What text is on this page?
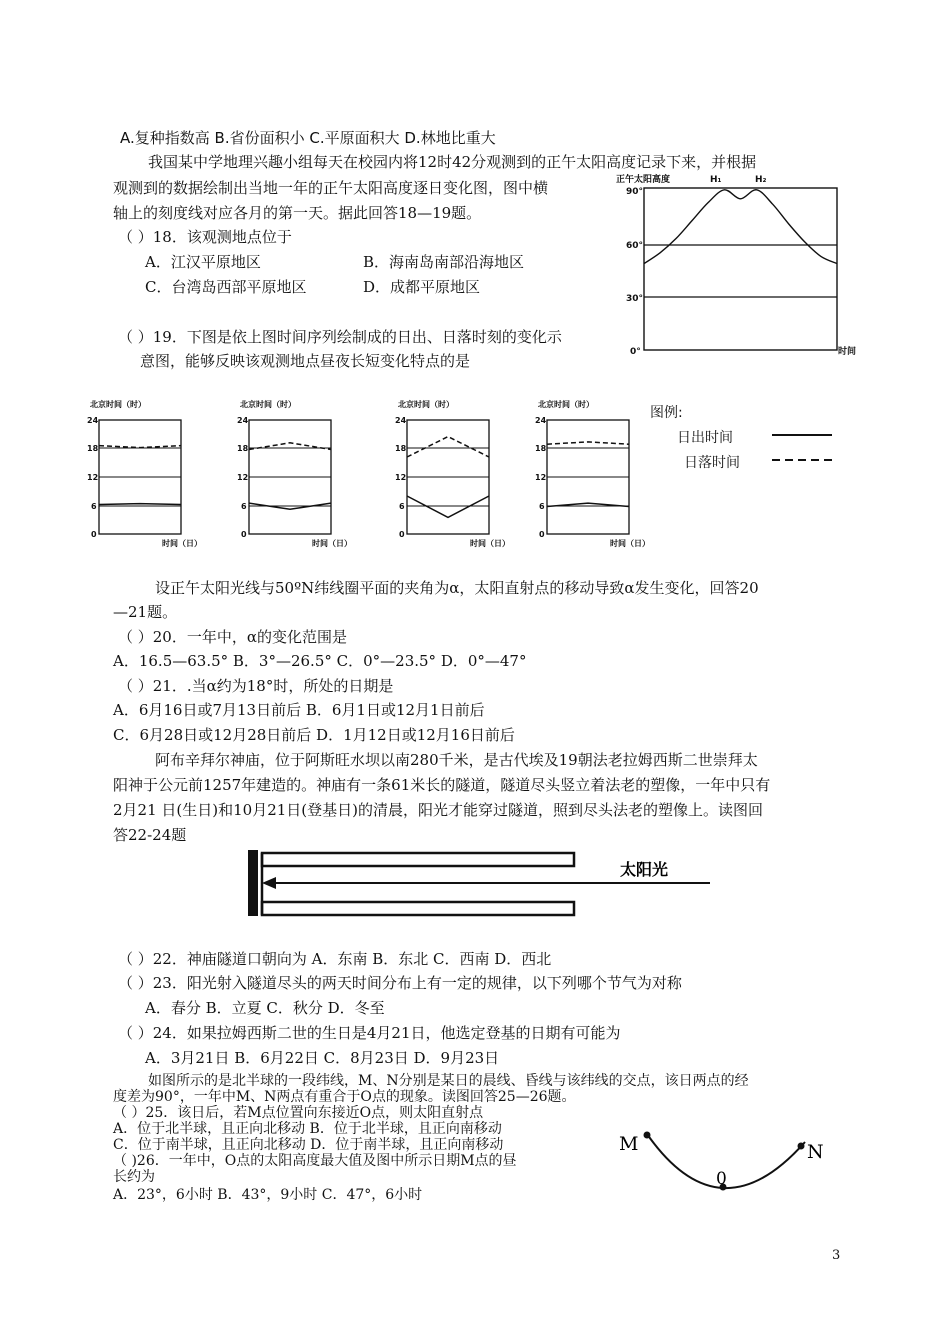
A.复种指数高 B.省份面积小 C.平原面积大 D.林地比重大
我国某中学地理兴趣小组每天在校园内将12时42分观测到的正午太阳高度记录下来，并根据
观测到的数据绘制出当地一年的正午太阳高度逐日变化图，图中横
轴上的刻度线对应各月的第一天。据此回答18—19题。
（ ）18．该观测地点位于
A．江汉平原地区	B．海南岛南部沿海地区
C．台湾岛西部平原地区	D．成都平原地区
（ ）19．下图是依上图时间序列绘制成的日出、日落时刻的变化示
意图，能够反映该观测地点昼夜长短变化特点的是
正午太阳高度	H₁	H₂
90°
60°
30°
0°	时间
北京时间（时）
24
18
12
6
0
时间（日）
北京时间（时）
24
18
12
6
0
时间（日）
北京时间（时）
24
18
12
6
0
时间（日）
北京时间（时）
24
18
12
6
0
时间（日）
图例:
日出时间
日落时间
设正午太阳光线与50ºN纬线圈平面的夹角为α，太阳直射点的移动导致α发生变化，回答20
—21题。
（ ）20．一年中，α的变化范围是
A．16.5—63.5° B．3°—26.5° C．0°—23.5° D．0°—47°
（ ）21．.当α约为18°时，所处的日期是
A．6月16日或7月13日前后 B．6月1日或12月1日前后
C．6月28日或12月28日前后 D．1月12日或12月16日前后
阿布辛拜尔神庙，位于阿斯旺水坝以南280千米，是古代埃及19朝法老拉姆西斯二世崇拜太
阳神于公元前1257年建造的。神庙有一条61米长的隧道，隧道尽头竖立着法老的塑像，一年中只有
2月21 日(生日)和10月21日(登基日)的清晨，阳光才能穿过隧道，照到尽头法老的塑像上。读图回
答22-24题
太阳光
（ ）22．神庙隧道口朝向为 A．东南 B．东北 C．西南 D．西北
（ ）23．阳光射入隧道尽头的两天时间分布上有一定的规律，以下列哪个节气为对称
A．春分 B．立夏 C．秋分 D．冬至
（ ）24．如果拉姆西斯二世的生日是4月21日，他选定登基的日期有可能为
A．3月21日 B．6月22日 C．8月23日 D．9月23日
如图所示的是北半球的一段纬线，M、N分别是某日的晨线、昏线与该纬线的交点，该日两点的经
度差为90°，一年中M、N两点有重合于O点的现象。读图回答25—26题。
（ ）25．该日后，若M点位置向东接近O点，则太阳直射点
A．位于北半球，且正向北移动 B．位于北半球，且正向南移动
C．位于南半球，且正向北移动 D．位于南半球，且正向南移动
（ )26．一年中，O点的太阳高度最大值及图中所示日期M点的昼
长约为
A．23°，6小时 B．43°，9小时 C．47°，6小时
M	N
0
3
